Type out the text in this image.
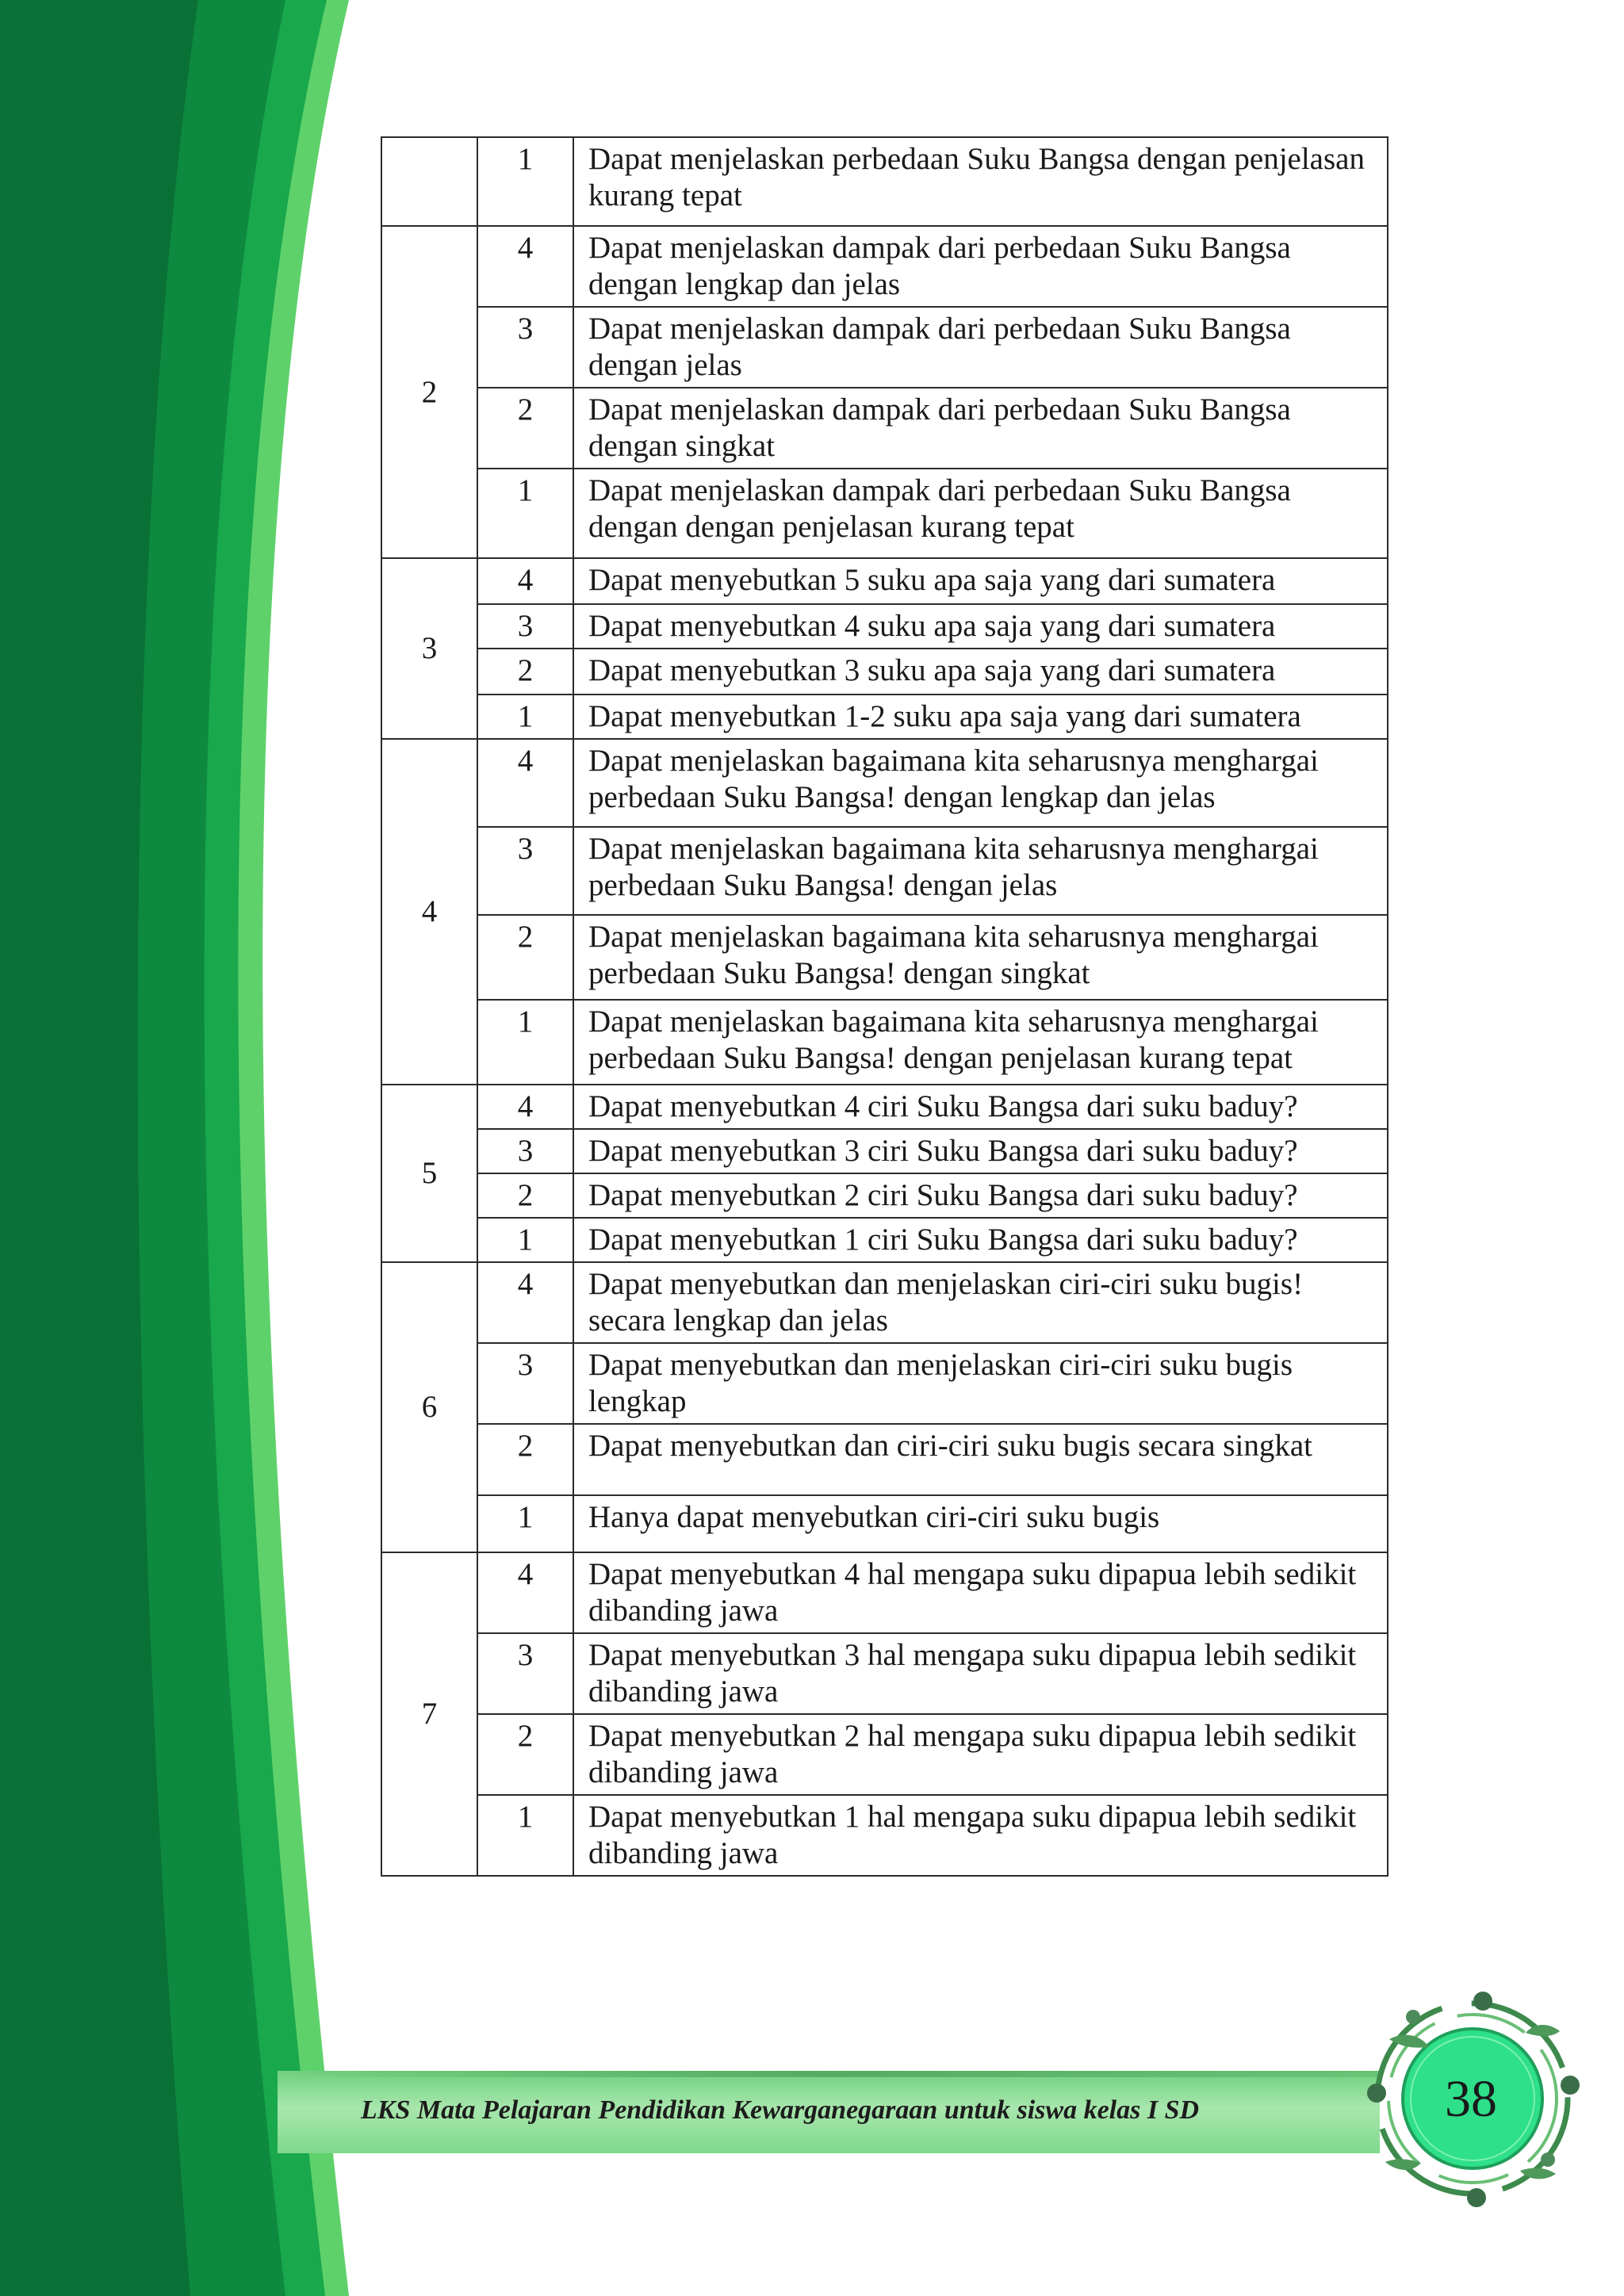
	1	Dapat menjelaskan perbedaan Suku Bangsa dengan penjelasan kurang tepat
2	4	Dapat menjelaskan dampak dari perbedaan Suku Bangsa dengan lengkap dan jelas
	3	Dapat menjelaskan dampak dari perbedaan Suku Bangsa dengan jelas
	2	Dapat menjelaskan dampak dari perbedaan Suku Bangsa dengan singkat
	1	Dapat menjelaskan dampak dari perbedaan Suku Bangsa dengan dengan penjelasan kurang tepat
3	4	Dapat menyebutkan 5 suku apa saja yang dari sumatera
	3	Dapat menyebutkan 4 suku apa saja yang dari sumatera
	2	Dapat menyebutkan 3 suku apa saja yang dari sumatera
	1	Dapat menyebutkan 1-2 suku apa saja yang dari sumatera
4	4	Dapat menjelaskan bagaimana kita seharusnya menghargai perbedaan Suku Bangsa! dengan lengkap dan jelas
	3	Dapat menjelaskan bagaimana kita seharusnya menghargai perbedaan Suku Bangsa! dengan jelas
	2	Dapat menjelaskan bagaimana kita seharusnya menghargai perbedaan Suku Bangsa! dengan singkat
	1	Dapat menjelaskan bagaimana kita seharusnya menghargai perbedaan Suku Bangsa! dengan penjelasan kurang tepat
5	4	Dapat menyebutkan 4 ciri Suku Bangsa dari suku baduy?
	3	Dapat menyebutkan 3 ciri Suku Bangsa dari suku baduy?
	2	Dapat menyebutkan 2 ciri Suku Bangsa dari suku baduy?
	1	Dapat menyebutkan 1 ciri Suku Bangsa dari suku baduy?
6	4	Dapat menyebutkan dan menjelaskan ciri-ciri suku bugis! secara lengkap dan jelas
	3	Dapat menyebutkan dan menjelaskan ciri-ciri suku bugis lengkap
	2	Dapat menyebutkan dan ciri-ciri suku bugis secara singkat
	1	Hanya dapat menyebutkan ciri-ciri suku bugis
7	4	Dapat menyebutkan 4 hal mengapa suku dipapua lebih sedikit dibanding jawa
	3	Dapat menyebutkan 3 hal mengapa suku dipapua lebih sedikit dibanding jawa
	2	Dapat menyebutkan 2 hal mengapa suku dipapua lebih sedikit dibanding jawa
	1	Dapat menyebutkan 1 hal mengapa suku dipapua lebih sedikit dibanding jawa
LKS Mata Pelajaran Pendidikan Kewarganegaraan untuk siswa kelas I SD	38
